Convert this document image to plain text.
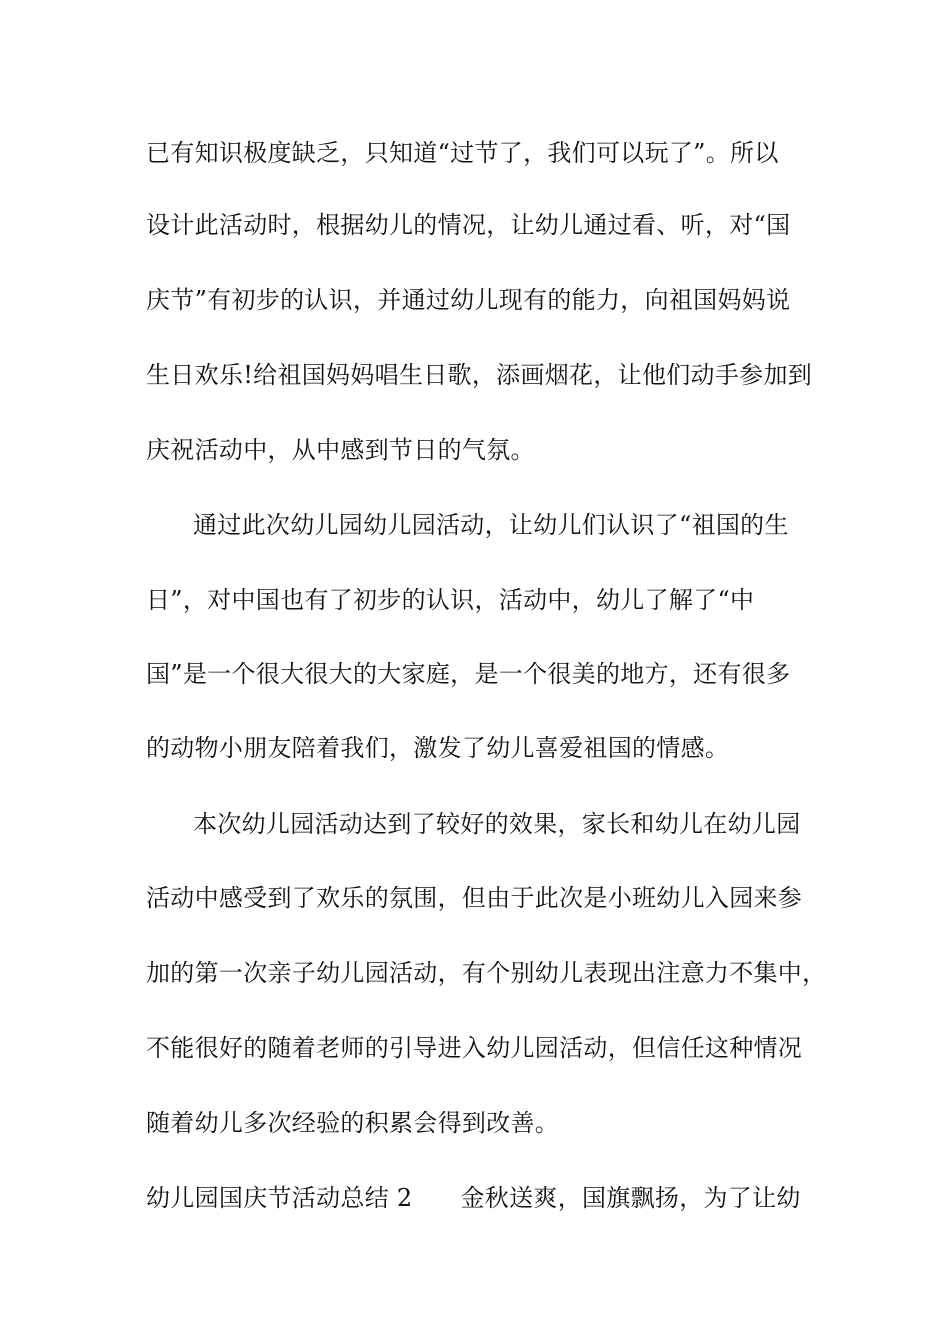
已有知识极度缺乏，只知道“过节了，我们可以玩了”。所以
设计此活动时，根据幼儿的情况，让幼儿通过看、听，对“国
庆节”有初步的认识，并通过幼儿现有的能力，向祖国妈妈说
生日欢乐!给祖国妈妈唱生日歌，添画烟花，让他们动手参加到
庆祝活动中，从中感到节日的气氛。
通过此次幼儿园幼儿园活动，让幼儿们认识了“祖国的生
日”，对中国也有了初步的认识，活动中，幼儿了解了“中
国”是一个很大很大的大家庭，是一个很美的地方，还有很多
的动物小朋友陪着我们，激发了幼儿喜爱祖国的情感。
本次幼儿园活动达到了较好的效果，家长和幼儿在幼儿园
活动中感受到了欢乐的氛围，但由于此次是小班幼儿入园来参
加的第一次亲子幼儿园活动，有个别幼儿表现出注意力不集中，
不能很好的随着老师的引导进入幼儿园活动，但信任这种情况
随着幼儿多次经验的积累会得到改善。
幼儿园国庆节活动总结 2 金秋送爽，国旗飘扬，为了让幼
